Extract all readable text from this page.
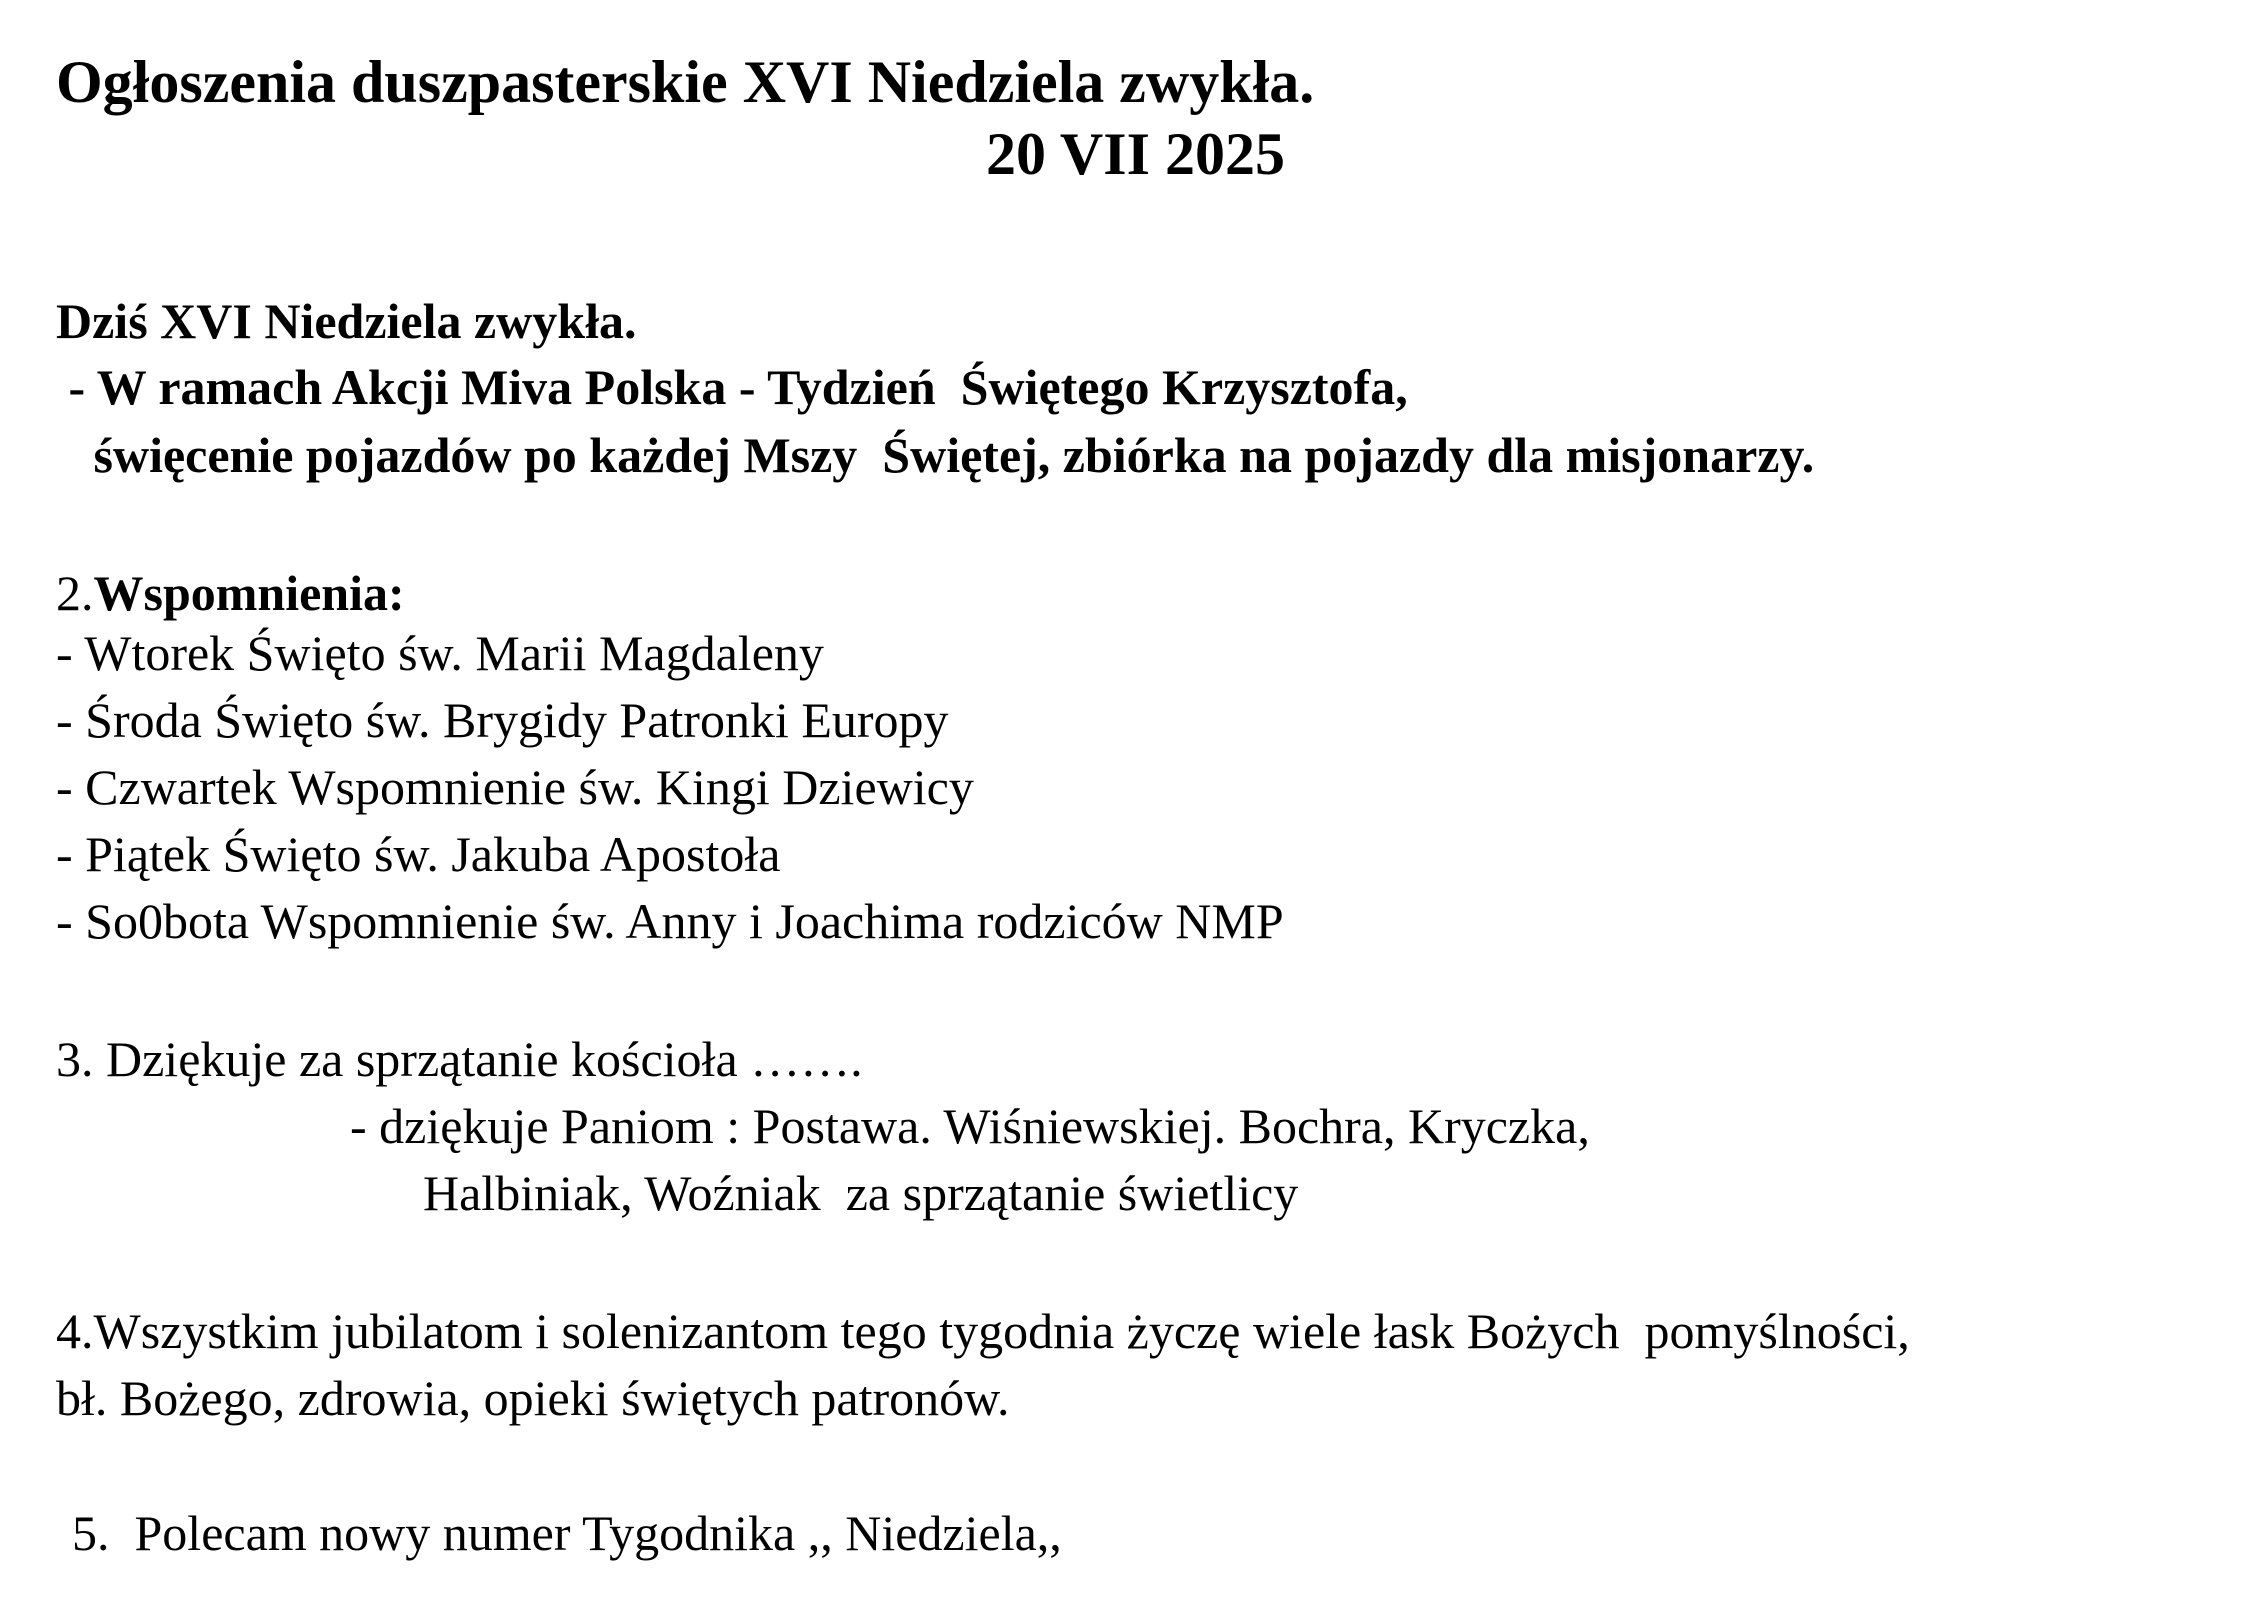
Ogłoszenia duszpasterskie XVI Niedziela zwykła.
20 VII 2025
Dziś XVI Niedziela zwykła.
- W ramach Akcji Miva Polska - Tydzień  Świętego Krzysztofa,
święcenie pojazdów po każdej Mszy  Świętej, zbiórka na pojazdy dla misjonarzy.
2.Wspomnienia:
- Wtorek Święto św. Marii Magdaleny
- Środa Święto św. Brygidy Patronki Europy
- Czwartek Wspomnienie św. Kingi Dziewicy
- Piątek Święto św. Jakuba Apostoła
- So0bota Wspomnienie św. Anny i Joachima rodziców NMP
3. Dziękuje za sprzątanie kościoła …….
- dziękuje Paniom : Postawa. Wiśniewskiej. Bochra, Kryczka,
Halbiniak, Woźniak  za sprzątanie świetlicy
4.Wszystkim jubilatom i solenizantom tego tygodnia życzę wiele łask Bożych  pomyślności,
bł. Bożego, zdrowia, opieki świętych patronów.
5.  Polecam nowy numer Tygodnika ,, Niedziela,,
